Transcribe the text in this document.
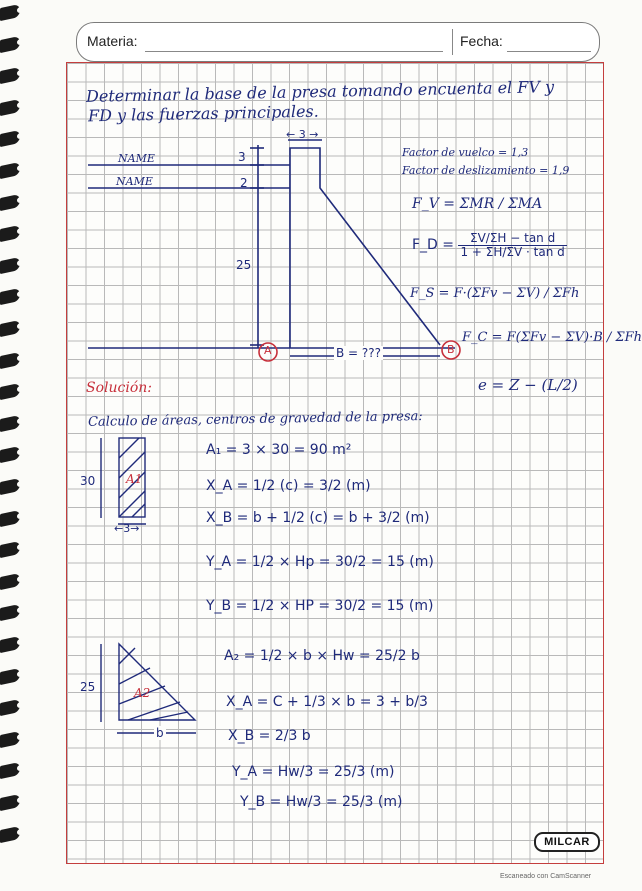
Materia:	Fecha:
Determinar la base de la presa tomando encuenta el FV y
FD y las fuerzas principales.
← 3 →
3
2
25
NAME
NAME
A	B
B = ???
Factor de vuelco = 1,3
Factor de deslizamiento = 1,9
F_V = ΣMR / ΣMA
F_D = $\frac{\text{ΣV/ΣH − tan d}}{\text{1 + ΣH/ΣV · tan d}}$
F_S = F·(ΣFv − ΣV) / ΣFh
F_C = F(ΣFv − ΣV)·B / ΣFh
e = Z − (L/2)
Solución:
Calculo de áreas, centros de gravedad de la presa:
30
←3→
A1
A₁ = 3 × 30 = 90 m²
X_A = 1/2 (c) = 3/2 (m)
X_B = b + 1/2 (c) = b + 3/2 (m)
Y_A = 1/2 × Hp = 30/2 = 15 (m)
Y_B = 1/2 × HP = 30/2 = 15 (m)
25
b
A2
A₂ = 1/2 × b × Hw = 25/2 b
X_A = C + 1/3 × b = 3 + b/3
X_B = 2/3 b
Y_A = Hw/3 = 25/3 (m)
Y_B = Hw/3 = 25/3 (m)
MILCAR
Escaneado con CamScanner
